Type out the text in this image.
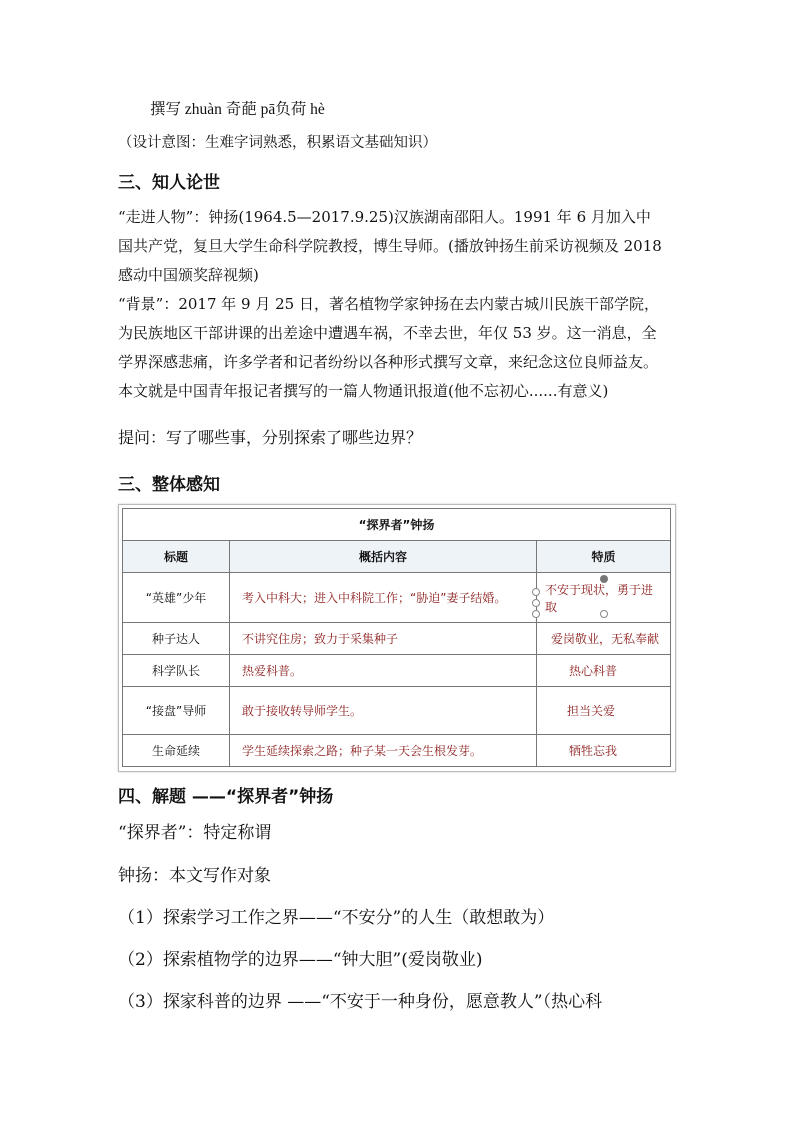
撰写 zhuàn 奇葩 pā负荷 hè
（设计意图：生难字词熟悉，积累语文基础知识）
三、知人论世
“走进人物”：钟扬(1964.5—2017.9.25)汉族湖南邵阳人。1991 年 6 月加入中
国共产党，复旦大学生命科学院教授，博生导师。(播放钟扬生前采访视频及 2018
感动中国颁奖辞视频)
“背景”：2017 年 9 月 25 日，著名植物学家钟扬在去内蒙古城川民族干部学院，
为民族地区干部讲课的出差途中遭遇车祸，不幸去世，年仅 53 岁。这一消息，全
学界深感悲痛，许多学者和记者纷纷以各种形式撰写文章，来纪念这位良师益友。
本文就是中国青年报记者撰写的一篇人物通讯报道(他不忘初心......有意义)
提问：写了哪些事，分别探索了哪些边界？
三、整体感知
“探界者”钟扬		
标题	概括内容	特质
“英雄”少年	考入中科大；进入中科院工作；“胁迫”妻子结婚。	不安于现状，勇于进取
种子达人	不讲究住房；致力于采集种子	爱岗敬业，无私奉献
科学队长	热爱科普。	热心科普
“接盘”导师	敢于接收转导师学生。	担当关爱
生命延续	学生延续探索之路；种子某一天会生根发芽。	牺牲忘我
四、解题 ——“探界者”钟扬
“探界者”：特定称谓
钟扬：本文写作对象
（1）探索学习工作之界——“不安分”的人生（敢想敢为）
（2）探索植物学的边界——“钟大胆”(爱岗敬业)
（3）探家科普的边界 ——“不安于一种身份，愿意教人”（热心科
